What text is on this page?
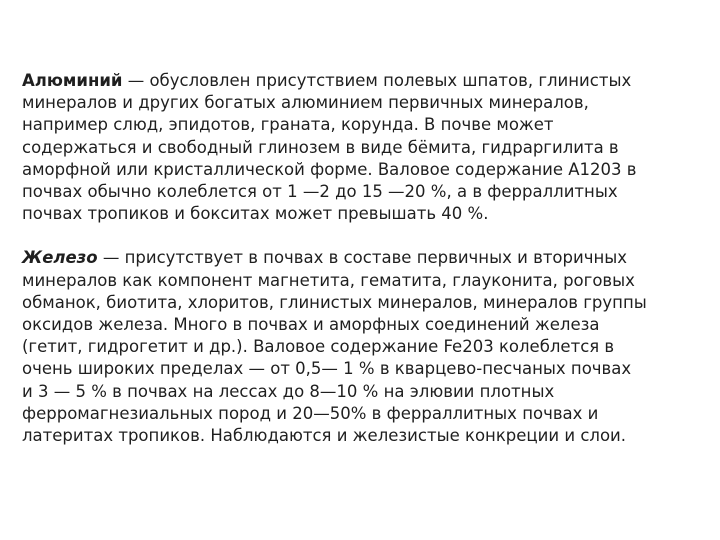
Алюминий — обусловлен присутствием полевых шпатов, глинистых
минералов и других богатых алюминием первичных минералов,
например слюд, эпидотов, граната, корунда. В почве может
содержаться и свободный глинозем в виде бёмита, гидраргилита в
аморфной или кристаллической форме. Валовое содержание А1203 в
почвах обычно колеблется от 1 —2 до 15 —20 %, а в ферраллитных
почвах тропиков и бокситах может превышать 40 %.

Железо — присутствует в почвах в составе первичных и вторичных
минералов как компонент магнетита, гематита, глауконита, роговых
обманок, биотита, хлоритов, глинистых минералов, минералов группы
оксидов железа. Много в почвах и аморфных соединений железа
(гетит, гидрогетит и др.). Валовое содержание Fe203 колеблется в
очень широких пределах — от 0,5— 1 % в кварцево-песчаных почвах
и 3 — 5 % в почвах на лессах до 8—10 % на элювии плотных
ферромагнезиальных пород и 20—50% в ферраллитных почвах и
латеритах тропиков. Наблюдаются и железистые конкреции и слои.
